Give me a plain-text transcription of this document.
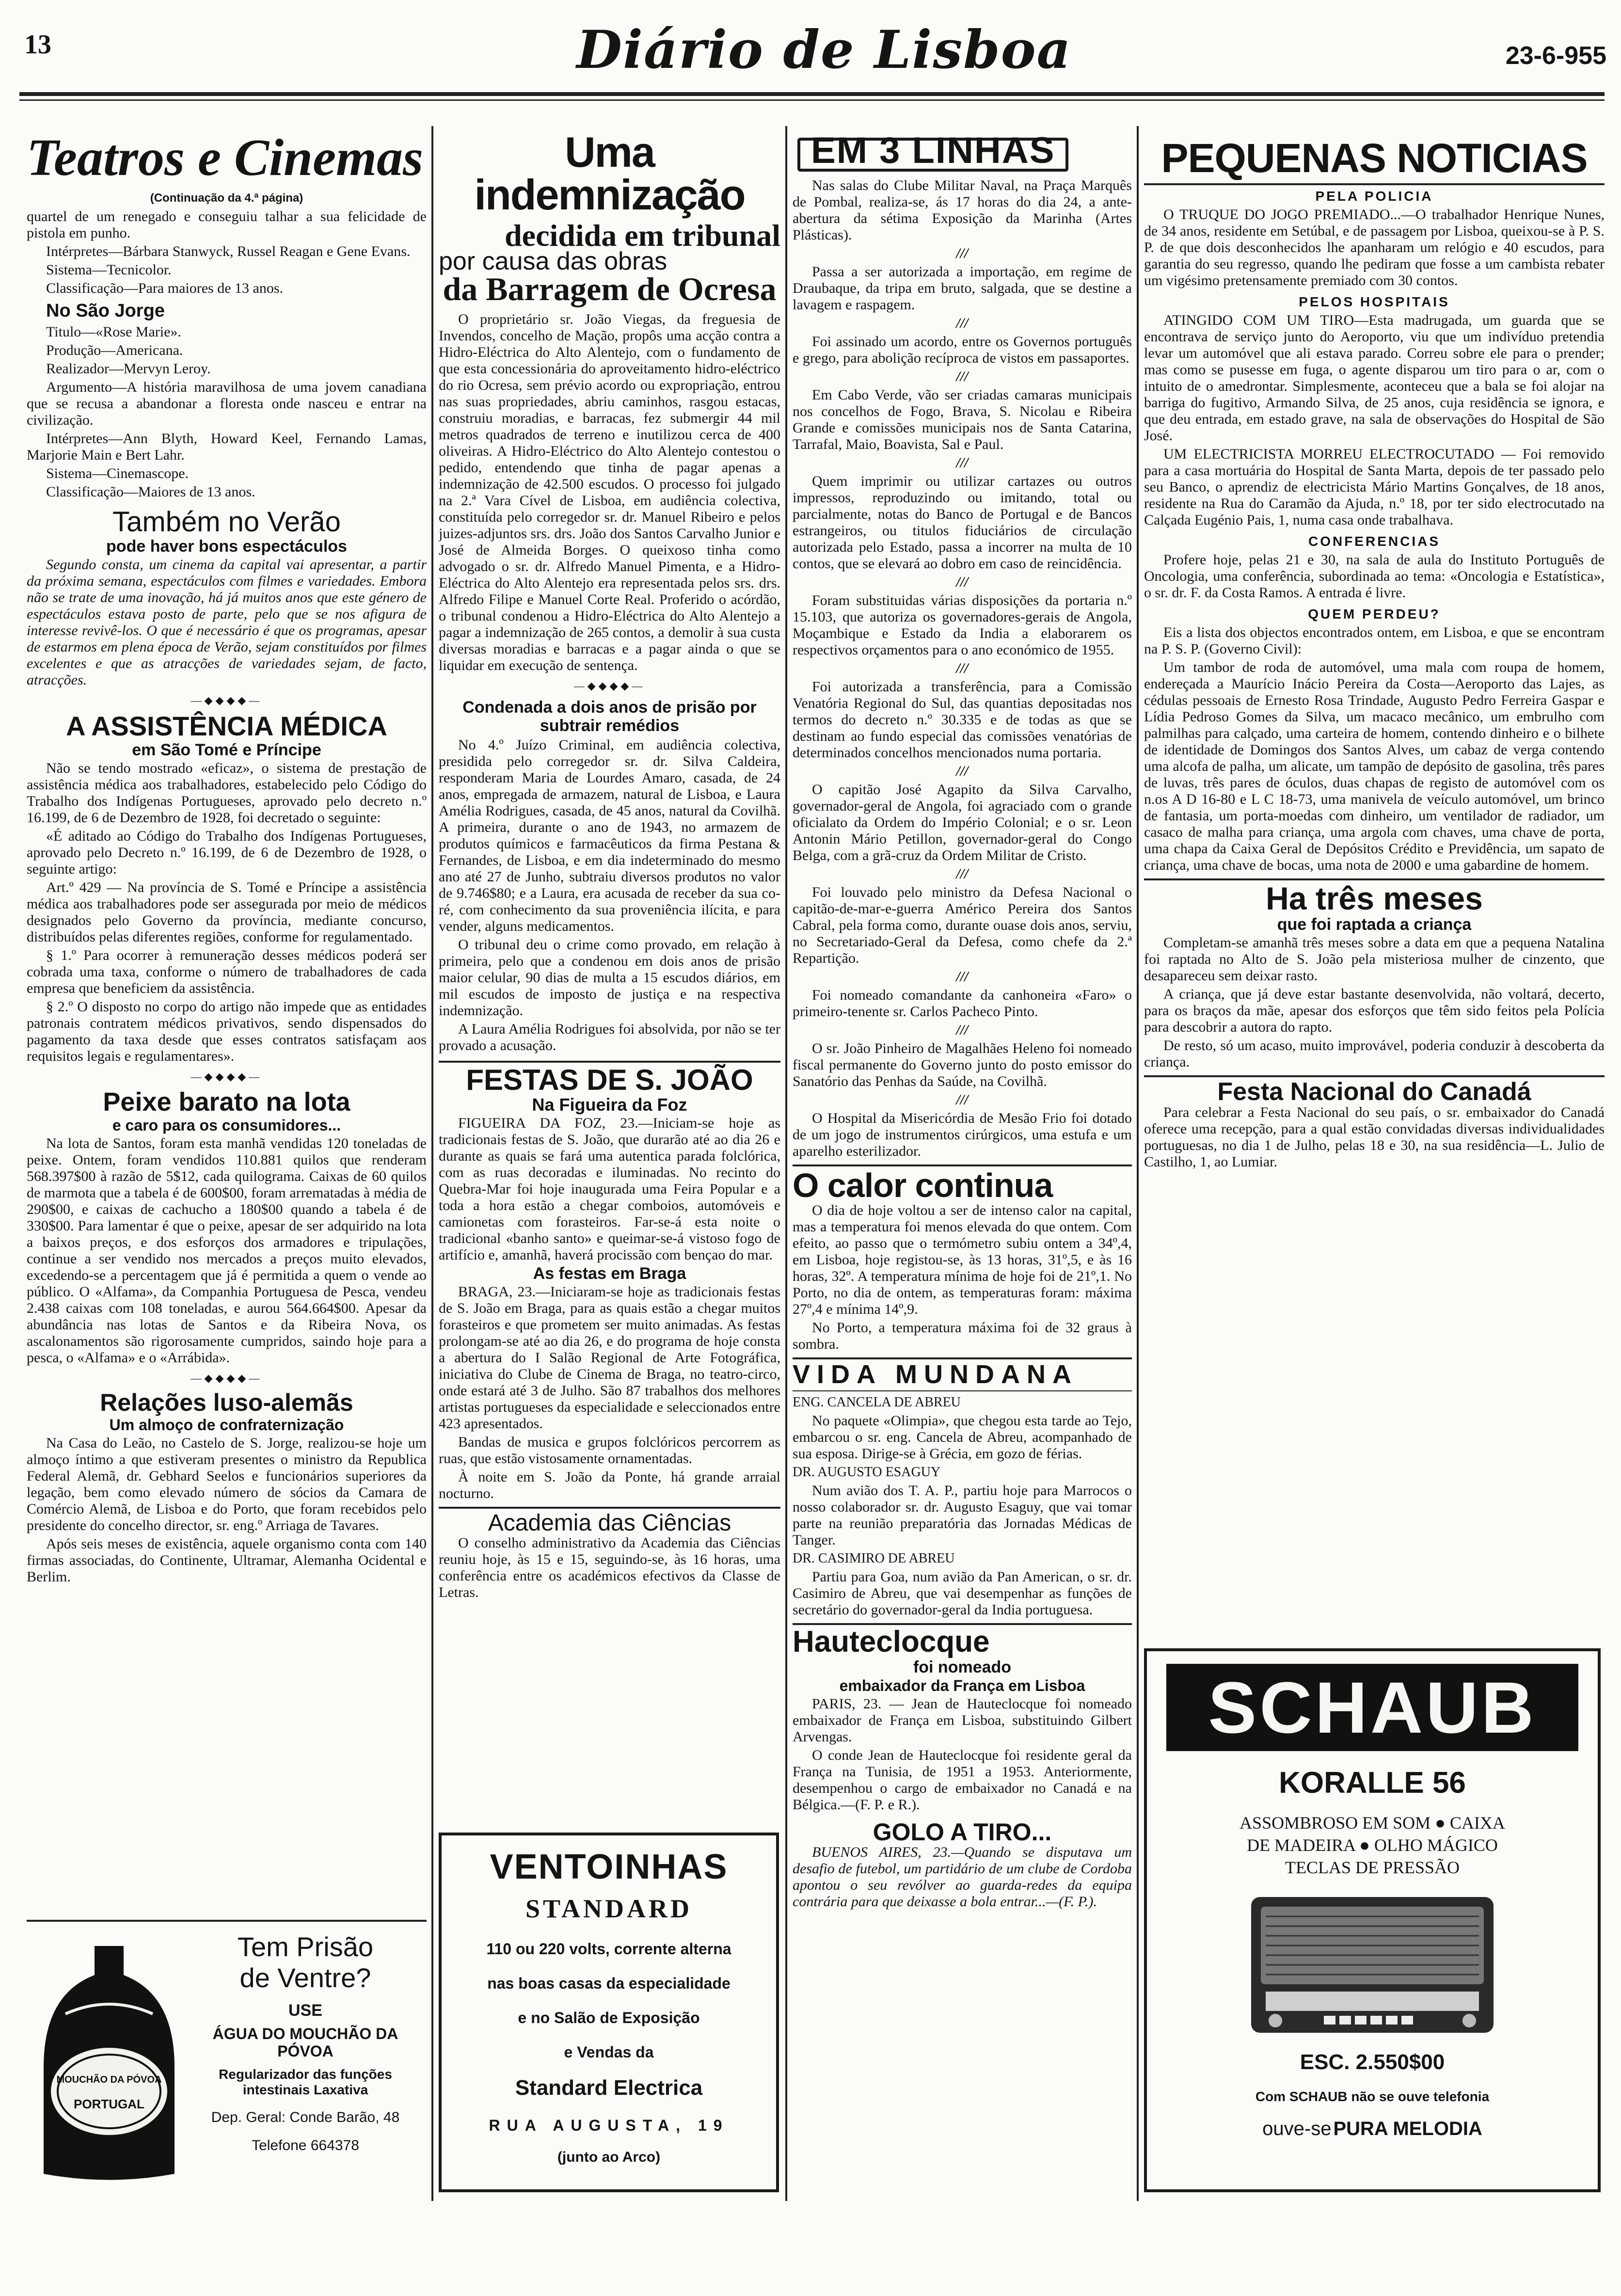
13	Diário de Lisboa	23-6-955
Teatros e Cinemas
(Continuação da 4.ª página)

quartel de um renegado e conseguiu talhar a sua felicidade de pistola em punho.

Intérpretes—Bárbara Stanwyck, Russel Reagan e Gene Evans.

Sistema—Tecnicolor.

Classificação—Para maiores de 13 anos.

No São Jorge

Titulo—«Rose Marie».

Produção—Americana.

Realizador—Mervyn Leroy.

Argumento—A história maravilhosa de uma jovem canadiana que se recusa a abandonar a floresta onde nasceu e entrar na civilização.

Intérpretes—Ann Blyth, Howard Keel, Fernando Lamas, Marjorie Main e Bert Lahr.

Sistema—Cinemascope.

Classificação—Maiores de 13 anos.

Também no Verão
pode haver bons espectáculos

Segundo consta, um cinema da capital vai apresentar, a partir da próxima semana, espectáculos com filmes e variedades. Embora não se trate de uma inovação, há já muitos anos que este género de espectáculos estava posto de parte, pelo que se nos afigura de interesse revivê-los. O que é necessário é que os programas, apesar de estarmos em plena época de Verão, sejam constituídos por filmes excelentes e que as atracções de variedades sejam, de facto, atracções.

—◆◆◆◆—
A ASSISTÊNCIA MÉDICA
em São Tomé e Príncipe

Não se tendo mostrado «eficaz», o sistema de prestação de assistência médica aos trabalhadores, estabelecido pelo Código do Trabalho dos Indígenas Portugueses, aprovado pelo decreto n.º 16.199, de 6 de Dezembro de 1928, foi decretado o seguinte:

«É aditado ao Código do Trabalho dos Indígenas Portugueses, aprovado pelo Decreto n.º 16.199, de 6 de Dezembro de 1928, o seguinte artigo:

Art.º 429 — Na província de S. Tomé e Príncipe a assistência médica aos trabalhadores pode ser assegurada por meio de médicos designados pelo Governo da província, mediante concurso, distribuídos pelas diferentes regiões, conforme for regulamentado.

§ 1.º Para ocorrer à remuneração desses médicos poderá ser cobrada uma taxa, conforme o número de trabalhadores de cada empresa que beneficiem da assistência.

§ 2.º O disposto no corpo do artigo não impede que as entidades patronais contratem médicos privativos, sendo dispensados do pagamento da taxa desde que esses contratos satisfaçam aos requisitos legais e regulamentares».

—◆◆◆◆—
Peixe barato na lota
e caro para os consumidores...

Na lota de Santos, foram esta manhã vendidas 120 toneladas de peixe. Ontem, foram vendidos 110.881 quilos que renderam 568.397$00 à razão de 5$12, cada quilograma. Caixas de 60 quilos de marmota que a tabela é de 600$00, foram arrematadas à média de 290$00, e caixas de cachucho a 180$00 quando a tabela é de 330$00. Para lamentar é que o peixe, apesar de ser adquirido na lota a baixos preços, e dos esforços dos armadores e tripulações, continue a ser vendido nos mercados a preços muito elevados, excedendo-se a percentagem que já é permitida a quem o vende ao público. O «Alfama», da Companhia Portuguesa de Pesca, vendeu 2.438 caixas com 108 toneladas, e aurou 564.664$00. Apesar da abundância nas lotas de Santos e da Ribeira Nova, os ascalonamentos são rigorosamente cumpridos, saindo hoje para a pesca, o «Alfama» e o «Arrábida».

—◆◆◆◆—
Relações luso-alemãs
Um almoço de confraternização

Na Casa do Leão, no Castelo de S. Jorge, realizou-se hoje um almoço íntimo a que estiveram presentes o ministro da Republica Federal Alemã, dr. Gebhard Seelos e funcionários superiores da legação, bem como elevado número de sócios da Camara de Comércio Alemã, de Lisboa e do Porto, que foram recebidos pelo presidente do concelho director, sr. eng.º Arriaga de Tavares.

Após seis meses de existência, aquele organismo conta com 140 firmas associadas, do Continente, Ultramar, Alemanha Ocidental e Berlim.

MOUCHÃO DA PÓVOA
PORTUGAL
Tem Prisão
de Ventre?
USE
ÁGUA DO MOUCHÃO DA PÓVOA
Regularizador das funções intestinais Laxativa
Dep. Geral: Conde Barão, 48
Telefone 664378
Uma indemnização
decidida em tribunal
por causa das obras
da Barragem de Ocresa

O proprietário sr. João Viegas, da freguesia de Invendos, concelho de Mação, propôs uma acção contra a Hidro-Eléctrica do Alto Alentejo, com o fundamento de que esta concessionária do aproveitamento hidro-eléctrico do rio Ocresa, sem prévio acordo ou expropriação, entrou nas suas propriedades, abriu caminhos, rasgou estacas, construiu moradias, e barracas, fez submergir 44 mil metros quadrados de terreno e inutilizou cerca de 400 oliveiras. A Hidro-Eléctrico do Alto Alentejo contestou o pedido, entendendo que tinha de pagar apenas a indemnização de 42.500 escudos. O processo foi julgado na 2.ª Vara Cível de Lisboa, em audiência colectiva, constituída pelo corregedor sr. dr. Manuel Ribeiro e pelos juizes-adjuntos srs. drs. João dos Santos Carvalho Junior e José de Almeida Borges. O queixoso tinha como advogado o sr. dr. Alfredo Manuel Pimenta, e a Hidro-Eléctrica do Alto Alentejo era representada pelos srs. drs. Alfredo Filipe e Manuel Corte Real. Proferido o acórdão, o tribunal condenou a Hidro-Eléctrica do Alto Alentejo a pagar a indemnização de 265 contos, a demolir à sua custa diversas moradias e barracas e a pagar ainda o que se liquidar em execução de sentença.

—◆◆◆◆—
Condenada a dois anos de prisão por subtrair remédios

No 4.º Juízo Criminal, em audiência colectiva, presidida pelo corregedor sr. dr. Silva Caldeira, responderam Maria de Lourdes Amaro, casada, de 24 anos, empregada de armazem, natural de Lisboa, e Laura Amélia Rodrigues, casada, de 45 anos, natural da Covilhã. A primeira, durante o ano de 1943, no armazem de produtos químicos e farmacêuticos da firma Pestana & Fernandes, de Lisboa, e em dia indeterminado do mesmo ano até 27 de Junho, subtraiu diversos produtos no valor de 9.746$80; e a Laura, era acusada de receber da sua co-ré, com conhecimento da sua proveniência ilícita, e para vender, alguns medicamentos.

O tribunal deu o crime como provado, em relação à primeira, pelo que a condenou em dois anos de prisão maior celular, 90 dias de multa a 15 escudos diários, em mil escudos de imposto de justiça e na respectiva indemnização.

A Laura Amélia Rodrigues foi absolvida, por não se ter provado a acusação.

FESTAS DE S. JOÃO
Na Figueira da Foz

FIGUEIRA DA FOZ, 23.—Iniciam-se hoje as tradicionais festas de S. João, que durarão até ao dia 26 e durante as quais se fará uma autentica parada folclórica, com as ruas decoradas e iluminadas. No recinto do Quebra-Mar foi hoje inaugurada uma Feira Popular e a toda a hora estão a chegar comboios, automóveis e camionetas com forasteiros. Far-se-á esta noite o tradicional «banho santo» e queimar-se-á vistoso fogo de artifício e, amanhã, haverá procissão com bençao do mar.

As festas em Braga

BRAGA, 23.—Iniciaram-se hoje as tradicionais festas de S. João em Braga, para as quais estão a chegar muitos forasteiros e que prometem ser muito animadas. As festas prolongam-se até ao dia 26, e do programa de hoje consta a abertura do I Salão Regional de Arte Fotográfica, iniciativa do Clube de Cinema de Braga, no teatro-circo, onde estará até 3 de Julho. São 87 trabalhos dos melhores artistas portugueses da especialidade e seleccionados entre 423 apresentados.

Bandas de musica e grupos folclóricos percorrem as ruas, que estão vistosamente ornamentadas.

À noite em S. João da Ponte, há grande arraial nocturno.

Academia das Ciências

O conselho administrativo da Academia das Ciências reuniu hoje, às 15 e 15, seguindo-se, às 16 horas, uma conferência entre os académicos efectivos da Classe de Letras.

VENTOINHAS
STANDARD
110 ou 220 volts, corrente alterna
nas boas casas da especialidade
e no Salão de Exposição
e Vendas da
Standard Electrica
RUA AUGUSTA, 19
(junto ao Arco)
EM 3 LINHAS

Nas salas do Clube Militar Naval, na Praça Marquês de Pombal, realiza-se, ás 17 horas do dia 24, a ante-abertura da sétima Exposição da Marinha (Artes Plásticas).

///

Passa a ser autorizada a importação, em regime de Draubaque, da tripa em bruto, salgada, que se destine a lavagem e raspagem.

///

Foi assinado um acordo, entre os Governos português e grego, para abolição recíproca de vistos em passaportes.

///

Em Cabo Verde, vão ser criadas camaras municipais nos concelhos de Fogo, Brava, S. Nicolau e Ribeira Grande e comissões municipais nos de Santa Catarina, Tarrafal, Maio, Boavista, Sal e Paul.

///

Quem imprimir ou utilizar cartazes ou outros impressos, reproduzindo ou imitando, total ou parcialmente, notas do Banco de Portugal e de Bancos estrangeiros, ou titulos fiduciários de circulação autorizada pelo Estado, passa a incorrer na multa de 10 contos, que se elevará ao dobro em caso de reincidência.

///

Foram substituidas várias disposições da portaria n.º 15.103, que autoriza os governadores-gerais de Angola, Moçambique e Estado da India a elaborarem os respectivos orçamentos para o ano económico de 1955.

///

Foi autorizada a transferência, para a Comissão Venatória Regional do Sul, das quantias depositadas nos termos do decreto n.º 30.335 e de todas as que se destinam ao fundo especial das comissões venatórias de determinados concelhos mencionados numa portaria.

///

O capitão José Agapito da Silva Carvalho, governador-geral de Angola, foi agraciado com o grande oficialato da Ordem do Império Colonial; e o sr. Leon Antonin Mário Petillon, governador-geral do Congo Belga, com a grã-cruz da Ordem Militar de Cristo.

///

Foi louvado pelo ministro da Defesa Nacional o capitão-de-mar-e-guerra Américo Pereira dos Santos Cabral, pela forma como, durante ouase dois anos, serviu, no Secretariado-Geral da Defesa, como chefe da 2.ª Repartição.

///

Foi nomeado comandante da canhoneira «Faro» o primeiro-tenente sr. Carlos Pacheco Pinto.

///

O sr. João Pinheiro de Magalhães Heleno foi nomeado fiscal permanente do Governo junto do posto emissor do Sanatório das Penhas da Saúde, na Covilhã.

///

O Hospital da Misericórdia de Mesão Frio foi dotado de um jogo de instrumentos cirúrgicos, uma estufa e um aparelho esterilizador.

O calor continua

O dia de hoje voltou a ser de intenso calor na capital, mas a temperatura foi menos elevada do que ontem. Com efeito, ao passo que o termómetro subiu ontem a 34º,4, em Lisboa, hoje registou-se, às 13 horas, 31º,5, e às 16 horas, 32º. A temperatura mínima de hoje foi de 21º,1. No Porto, no dia de ontem, as temperaturas foram: máxima 27º,4 e mínima 14º,9.

No Porto, a temperatura máxima foi de 32 graus à sombra.

VIDA MUNDANA

ENG. CANCELA DE ABREU

No paquete «Olimpia», que chegou esta tarde ao Tejo, embarcou o sr. eng. Cancela de Abreu, acompanhado de sua esposa. Dirige-se à Grécia, em gozo de férias.

DR. AUGUSTO ESAGUY

Num avião dos T. A. P., partiu hoje para Marrocos o nosso colaborador sr. dr. Augusto Esaguy, que vai tomar parte na reunião preparatória das Jornadas Médicas de Tanger.

DR. CASIMIRO DE ABREU

Partiu para Goa, num avião da Pan American, o sr. dr. Casimiro de Abreu, que vai desempenhar as funções de secretário do governador-geral da India portuguesa.

Hauteclocque
foi nomeado
embaixador da França em Lisboa

PARIS, 23. — Jean de Hauteclocque foi nomeado embaixador de França em Lisboa, substituindo Gilbert Arvengas.

O conde Jean de Hauteclocque foi residente geral da França na Tunisia, de 1951 a 1953. Anteriormente, desempenhou o cargo de embaixador no Canadá e na Bélgica.—(F. P. e R.).

GOLO A TIRO...

BUENOS AIRES, 23.—Quando se disputava um desafio de futebol, um partidário de um clube de Cordoba apontou o seu revólver ao guarda-redes da equipa contrária para que deixasse a bola entrar...—(F. P.).

PEQUENAS NOTICIAS
PELA POLICIA

O TRUQUE DO JOGO PREMIADO...—O trabalhador Henrique Nunes, de 34 anos, residente em Setúbal, e de passagem por Lisboa, queixou-se à P. S. P. de que dois desconhecidos lhe apanharam um relógio e 40 escudos, para garantia do seu regresso, quando lhe pediram que fosse a um cambista rebater um vigésimo pretensamente premiado com 30 contos.

PELOS HOSPITAIS

ATINGIDO COM UM TIRO—Esta madrugada, um guarda que se encontrava de serviço junto do Aeroporto, viu que um indivíduo pretendia levar um automóvel que ali estava parado. Correu sobre ele para o prender; mas como se pusesse em fuga, o agente disparou um tiro para o ar, com o intuito de o amedrontar. Simplesmente, aconteceu que a bala se foi alojar na barriga do fugitivo, Armando Silva, de 25 anos, cuja residência se ignora, e que deu entrada, em estado grave, na sala de observações do Hospital de São José.

UM ELECTRICISTA MORREU ELECTROCUTADO — Foi removido para a casa mortuária do Hospital de Santa Marta, depois de ter passado pelo seu Banco, o aprendiz de electricista Mário Martins Gonçalves, de 18 anos, residente na Rua do Caramão da Ajuda, n.º 18, por ter sido electrocutado na Calçada Eugénio Pais, 1, numa casa onde trabalhava.

CONFERENCIAS

Profere hoje, pelas 21 e 30, na sala de aula do Instituto Português de Oncologia, uma conferência, subordinada ao tema: «Oncologia e Estatística», o sr. dr. F. da Costa Ramos. A entrada é livre.

QUEM PERDEU?

Eis a lista dos objectos encontrados ontem, em Lisboa, e que se encontram na P. S. P. (Governo Civil):

Um tambor de roda de automóvel, uma mala com roupa de homem, endereçada a Maurício Inácio Pereira da Costa—Aeroporto das Lajes, as cédulas pessoais de Ernesto Rosa Trindade, Augusto Pedro Ferreira Gaspar e Lídia Pedroso Gomes da Silva, um macaco mecânico, um embrulho com palmilhas para calçado, uma carteira de homem, contendo dinheiro e o bilhete de identidade de Domingos dos Santos Alves, um cabaz de verga contendo uma alcofa de palha, um alicate, um tampão de depósito de gasolina, três pares de luvas, três pares de óculos, duas chapas de registo de automóvel com os n.os A D 16-80 e L C 18-73, uma manivela de veículo automóvel, um brinco de fantasia, um porta-moedas com dinheiro, um ventilador de radiador, um casaco de malha para criança, uma argola com chaves, uma chave de porta, uma chapa da Caixa Geral de Depósitos Crédito e Previdência, um sapato de criança, uma chave de bocas, uma nota de 2000 e uma gabardine de homem.

Ha três meses
que foi raptada a criança

Completam-se amanhã três meses sobre a data em que a pequena Natalina foi raptada no Alto de S. João pela misteriosa mulher de cinzento, que desapareceu sem deixar rasto.

A criança, que já deve estar bastante desenvolvida, não voltará, decerto, para os braços da mãe, apesar dos esforços que têm sido feitos pela Polícia para descobrir a autora do rapto.

De resto, só um acaso, muito improvável, poderia conduzir à descoberta da criança.

Festa Nacional do Canadá

Para celebrar a Festa Nacional do seu país, o sr. embaixador do Canadá oferece uma recepção, para a qual estão convidadas diversas individualidades portuguesas, no dia 1 de Julho, pelas 18 e 30, na sua residência—L. Julio de Castilho, 1, ao Lumiar.

SCHAUB
KORALLE 56
ASSOMBROSO EM SOM ● CAIXA
DE MADEIRA ● OLHO MÁGICO
TECLAS DE PRESSÃO
ESC. 2.550$00
Com SCHAUB não se ouve telefonia
ouve-se PURA MELODIA
